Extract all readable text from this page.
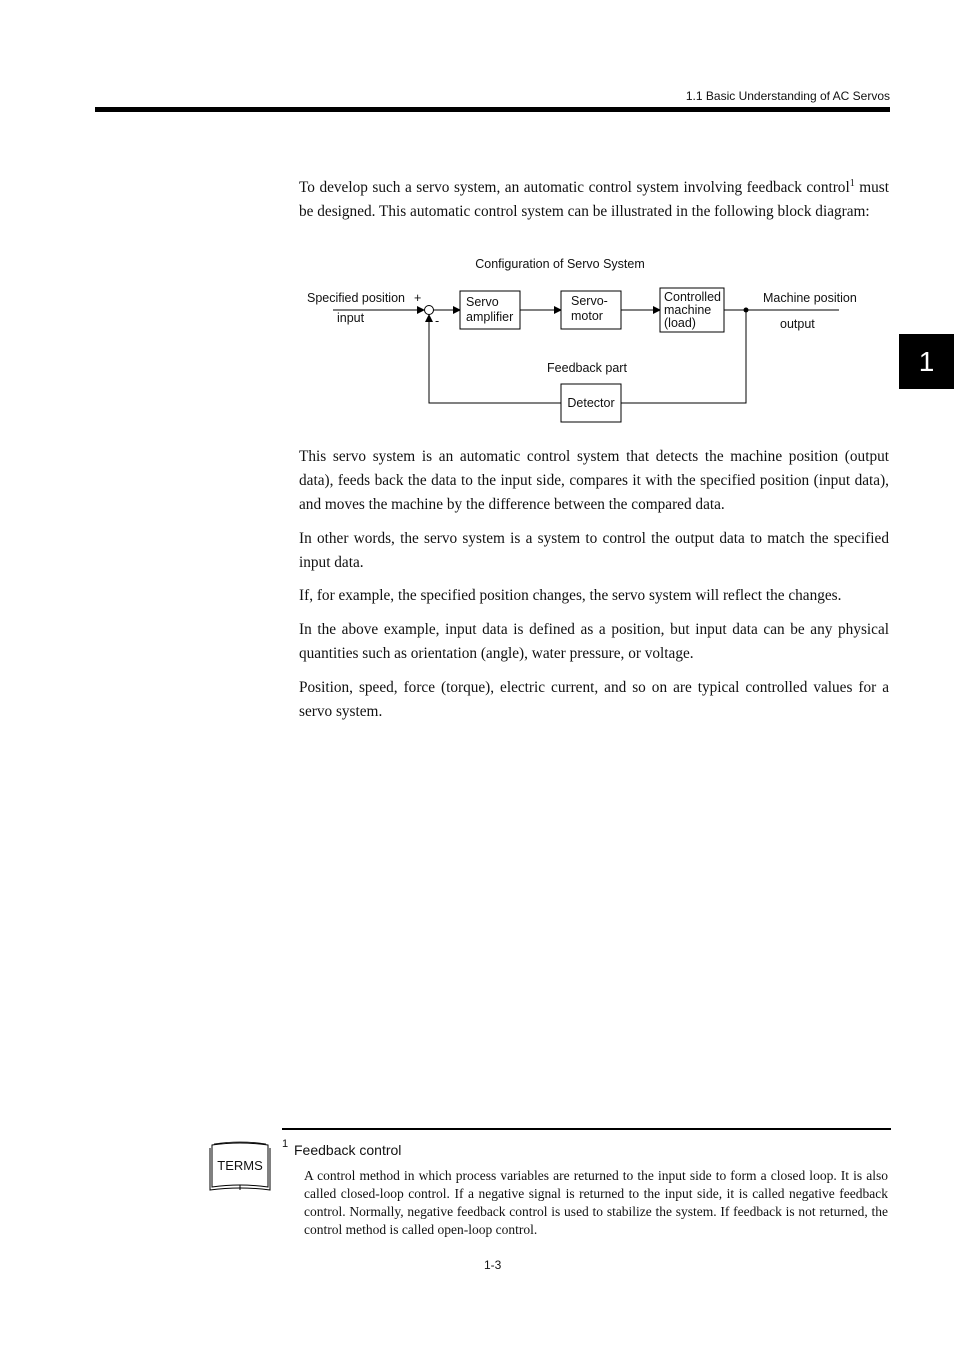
1.1 Basic Understanding of AC Servos
1

To develop such a servo system, an automatic control system involving feedback control$^1$ must be designed. This automatic control system can be illustrated in the following block diagram:

Configuration of Servo System
Specified position +
input	-
Servo
amplifier
Servo-
motor
Controlled
machine
(load)
Machine position
output
Feedback part
Detector

This servo system is an automatic control system that detects the machine position (output data), feeds back the data to the input side, compares it with the specified position (input data), and moves the machine by the difference between the compared data.

In other words, the servo system is a system to control the output data to match the specified input data.

If, for example, the specified position changes, the servo system will reflect the changes.

In the above example, input data is defined as a position, but input data can be any physical quantities such as orientation (angle), water pressure, or voltage.

Position, speed, force (torque), electric current, and so on are typical controlled values for a servo system.

TERMS
1 Feedback control

A control method in which process variables are returned to the input side to form a closed loop. It is also called closed-loop control. If a negative signal is returned to the input side, it is called negative feedback control. Normally, negative feedback control is used to stabilize the system. If feedback is not returned, the control method is called open-loop control.

1-3
